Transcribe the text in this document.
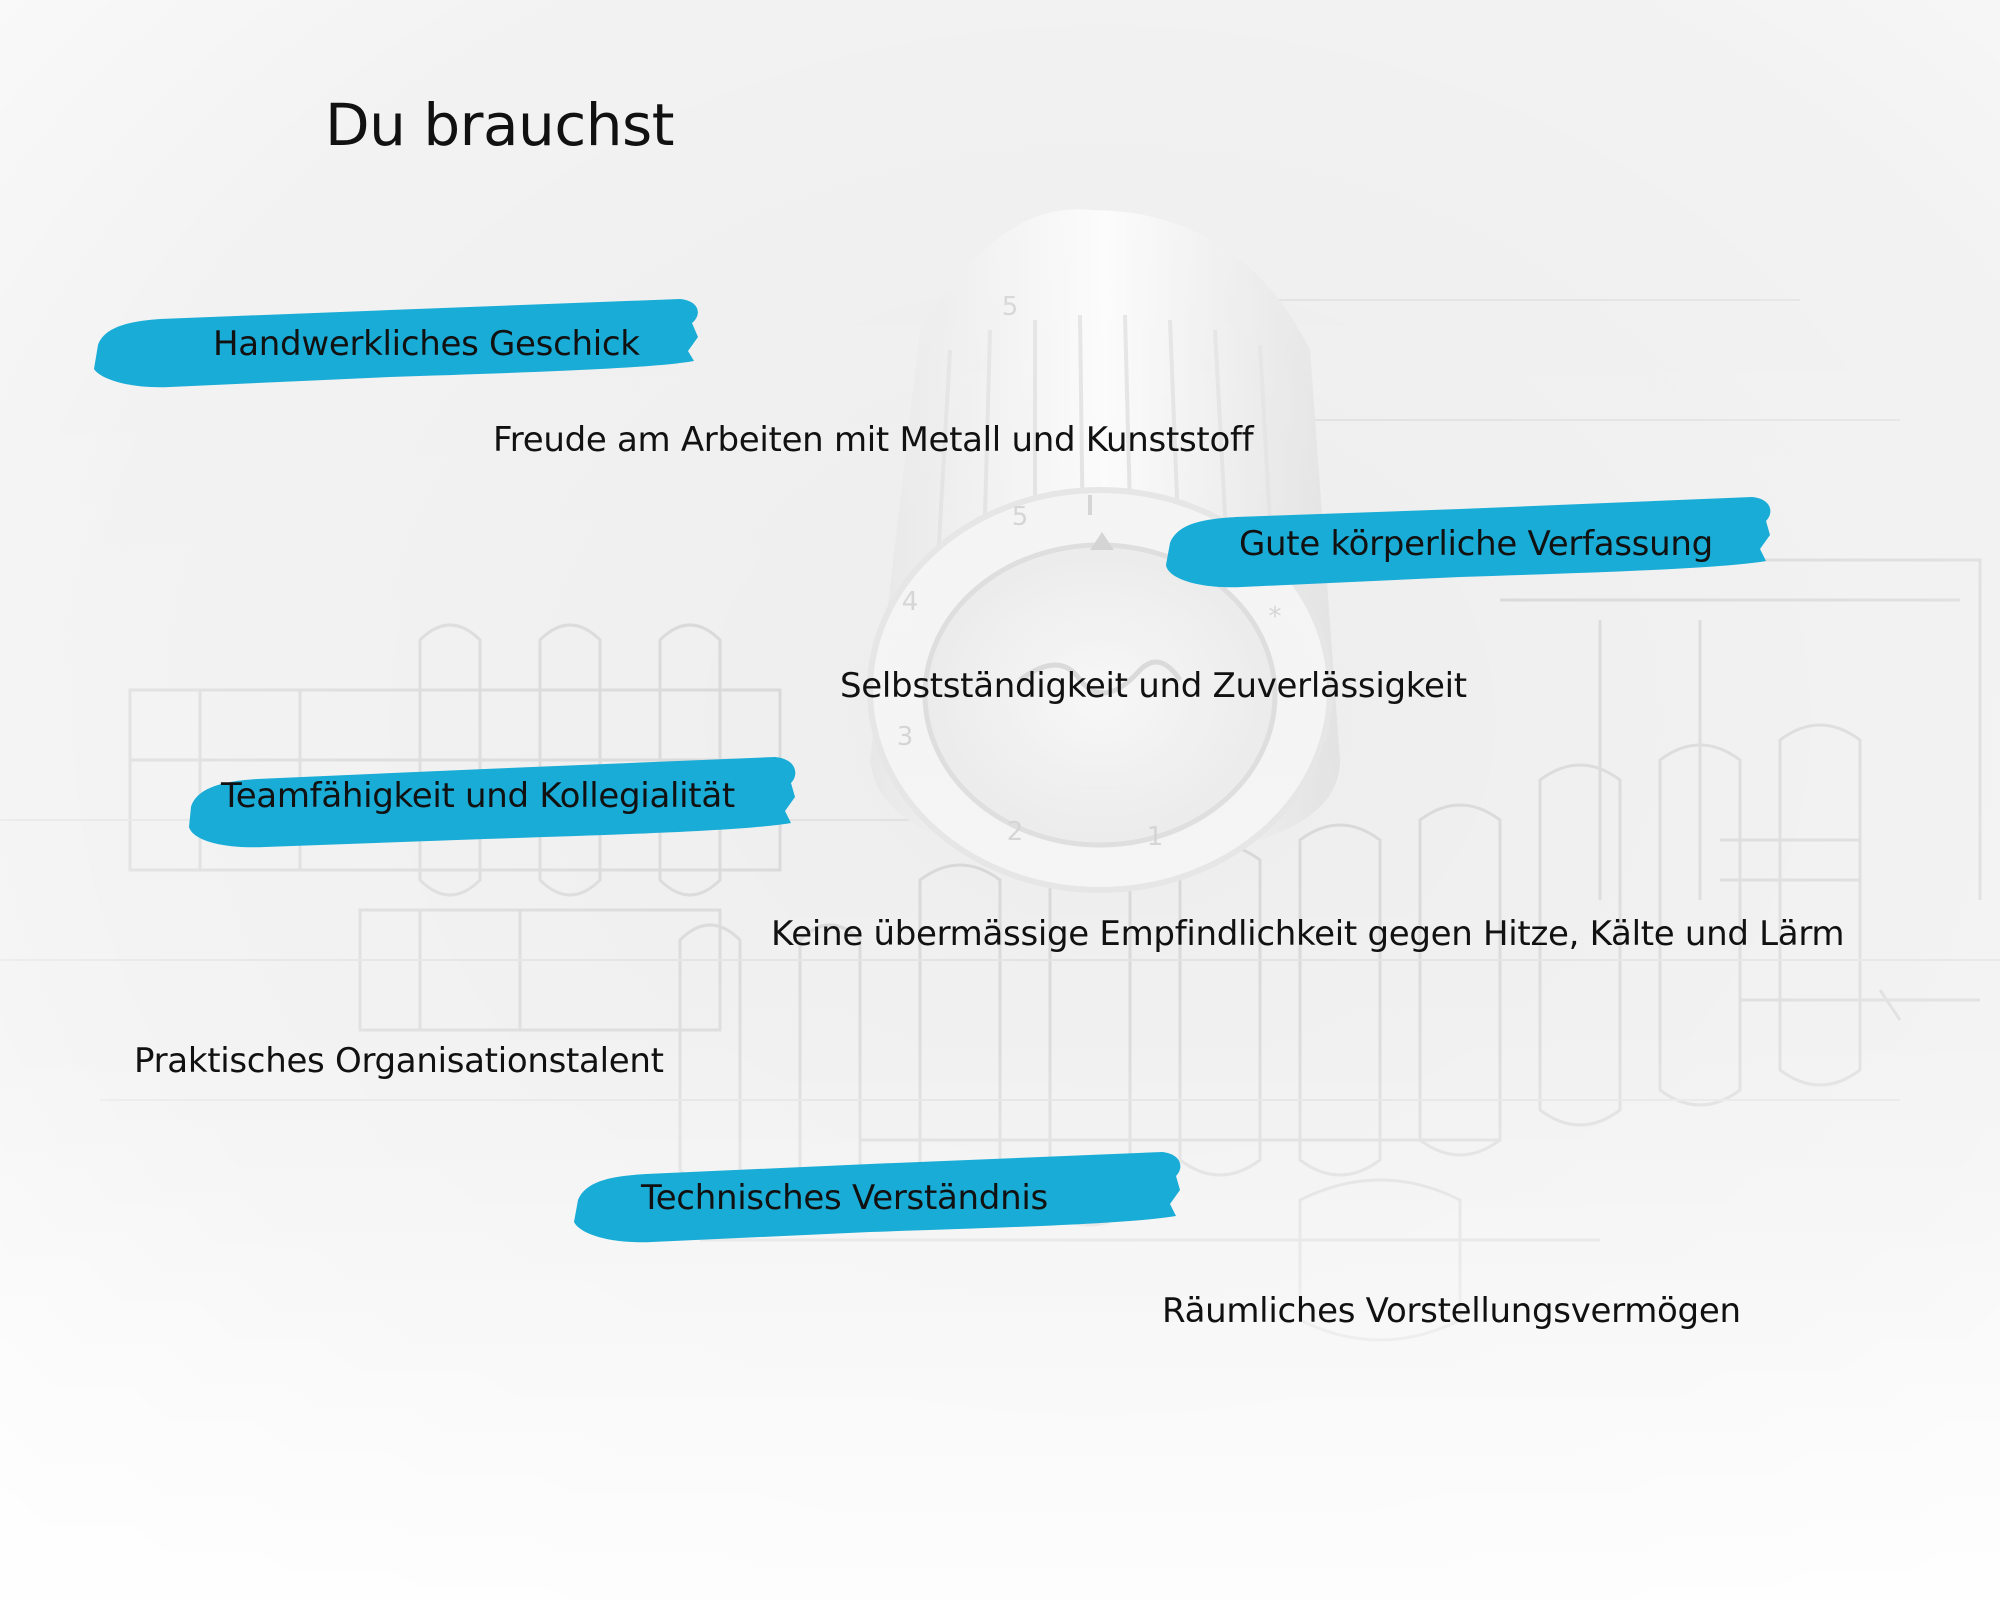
Du brauchst
Handwerkliches Geschick
Freude am Arbeiten mit Metall und Kunststoff
Gute körperliche Verfassung
Selbstständigkeit und Zuverlässigkeit
Teamfähigkeit und Kollegialität
Keine übermässige Empfindlichkeit gegen Hitze, Kälte und Lärm
Praktisches Organisationstalent
Technisches Verständnis
Räumliches Vorstellungsvermögen
